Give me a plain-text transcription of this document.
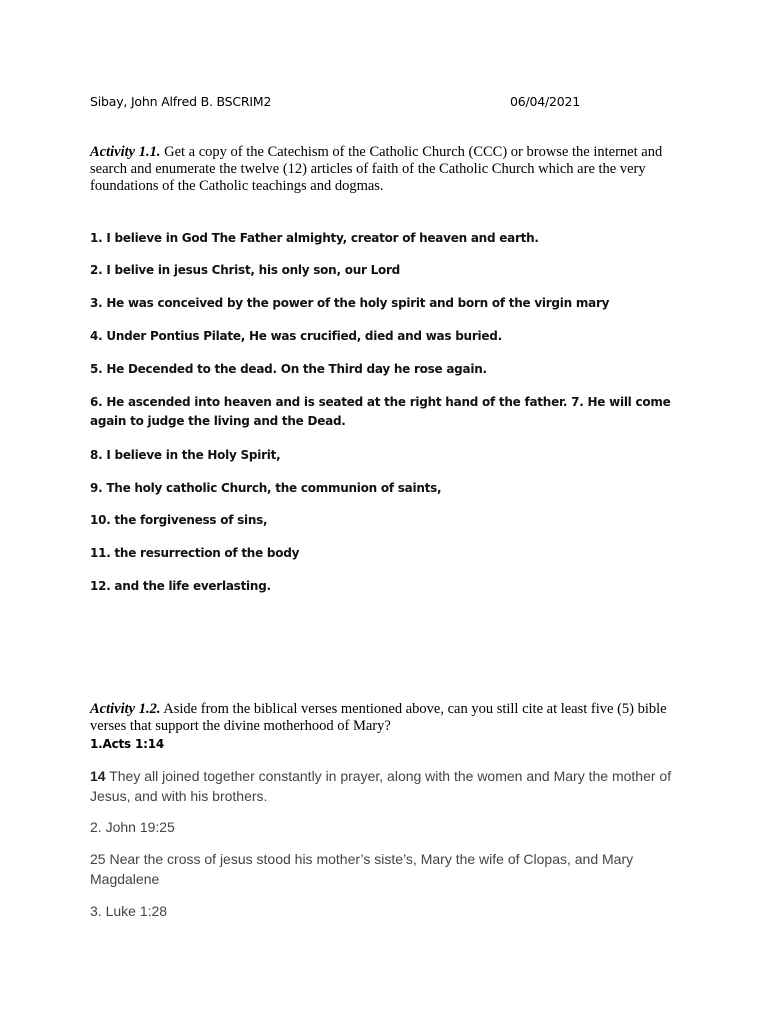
Sibay, John Alfred B. BSCRIM2	06/04/2021
Activity 1.1. Get a copy of the Catechism of the Catholic Church (CCC) or browse the internet and search and enumerate the twelve (12) articles of faith of the Catholic Church which are the very foundations of the Catholic teachings and dogmas.
1. I believe in God The Father almighty, creator of heaven and earth.
2. I belive in jesus Christ, his only son, our Lord
3. He was conceived by the power of the holy spirit and born of the virgin mary
4. Under Pontius Pilate, He was crucified, died and was buried.
5. He Decended to the dead. On the Third day he rose again.
6. He ascended into heaven and is seated at the right hand of the father. 7. He will come again to judge the living and the Dead.
8. I believe in the Holy Spirit,
9. The holy catholic Church, the communion of saints,
10. the forgiveness of sins,
11. the resurrection of the body
12. and the life everlasting.
Activity 1.2. Aside from the biblical verses mentioned above, can you still cite at least five (5) bible verses that support the divine motherhood of Mary?
1.Acts 1:14
14 They all joined together constantly in prayer, along with the women and Mary the mother of Jesus, and with his brothers.
2. John 19:25
25 Near the cross of jesus stood his mother’s siste’s, Mary the wife of Clopas, and Mary Magdalene
3. Luke 1:28
